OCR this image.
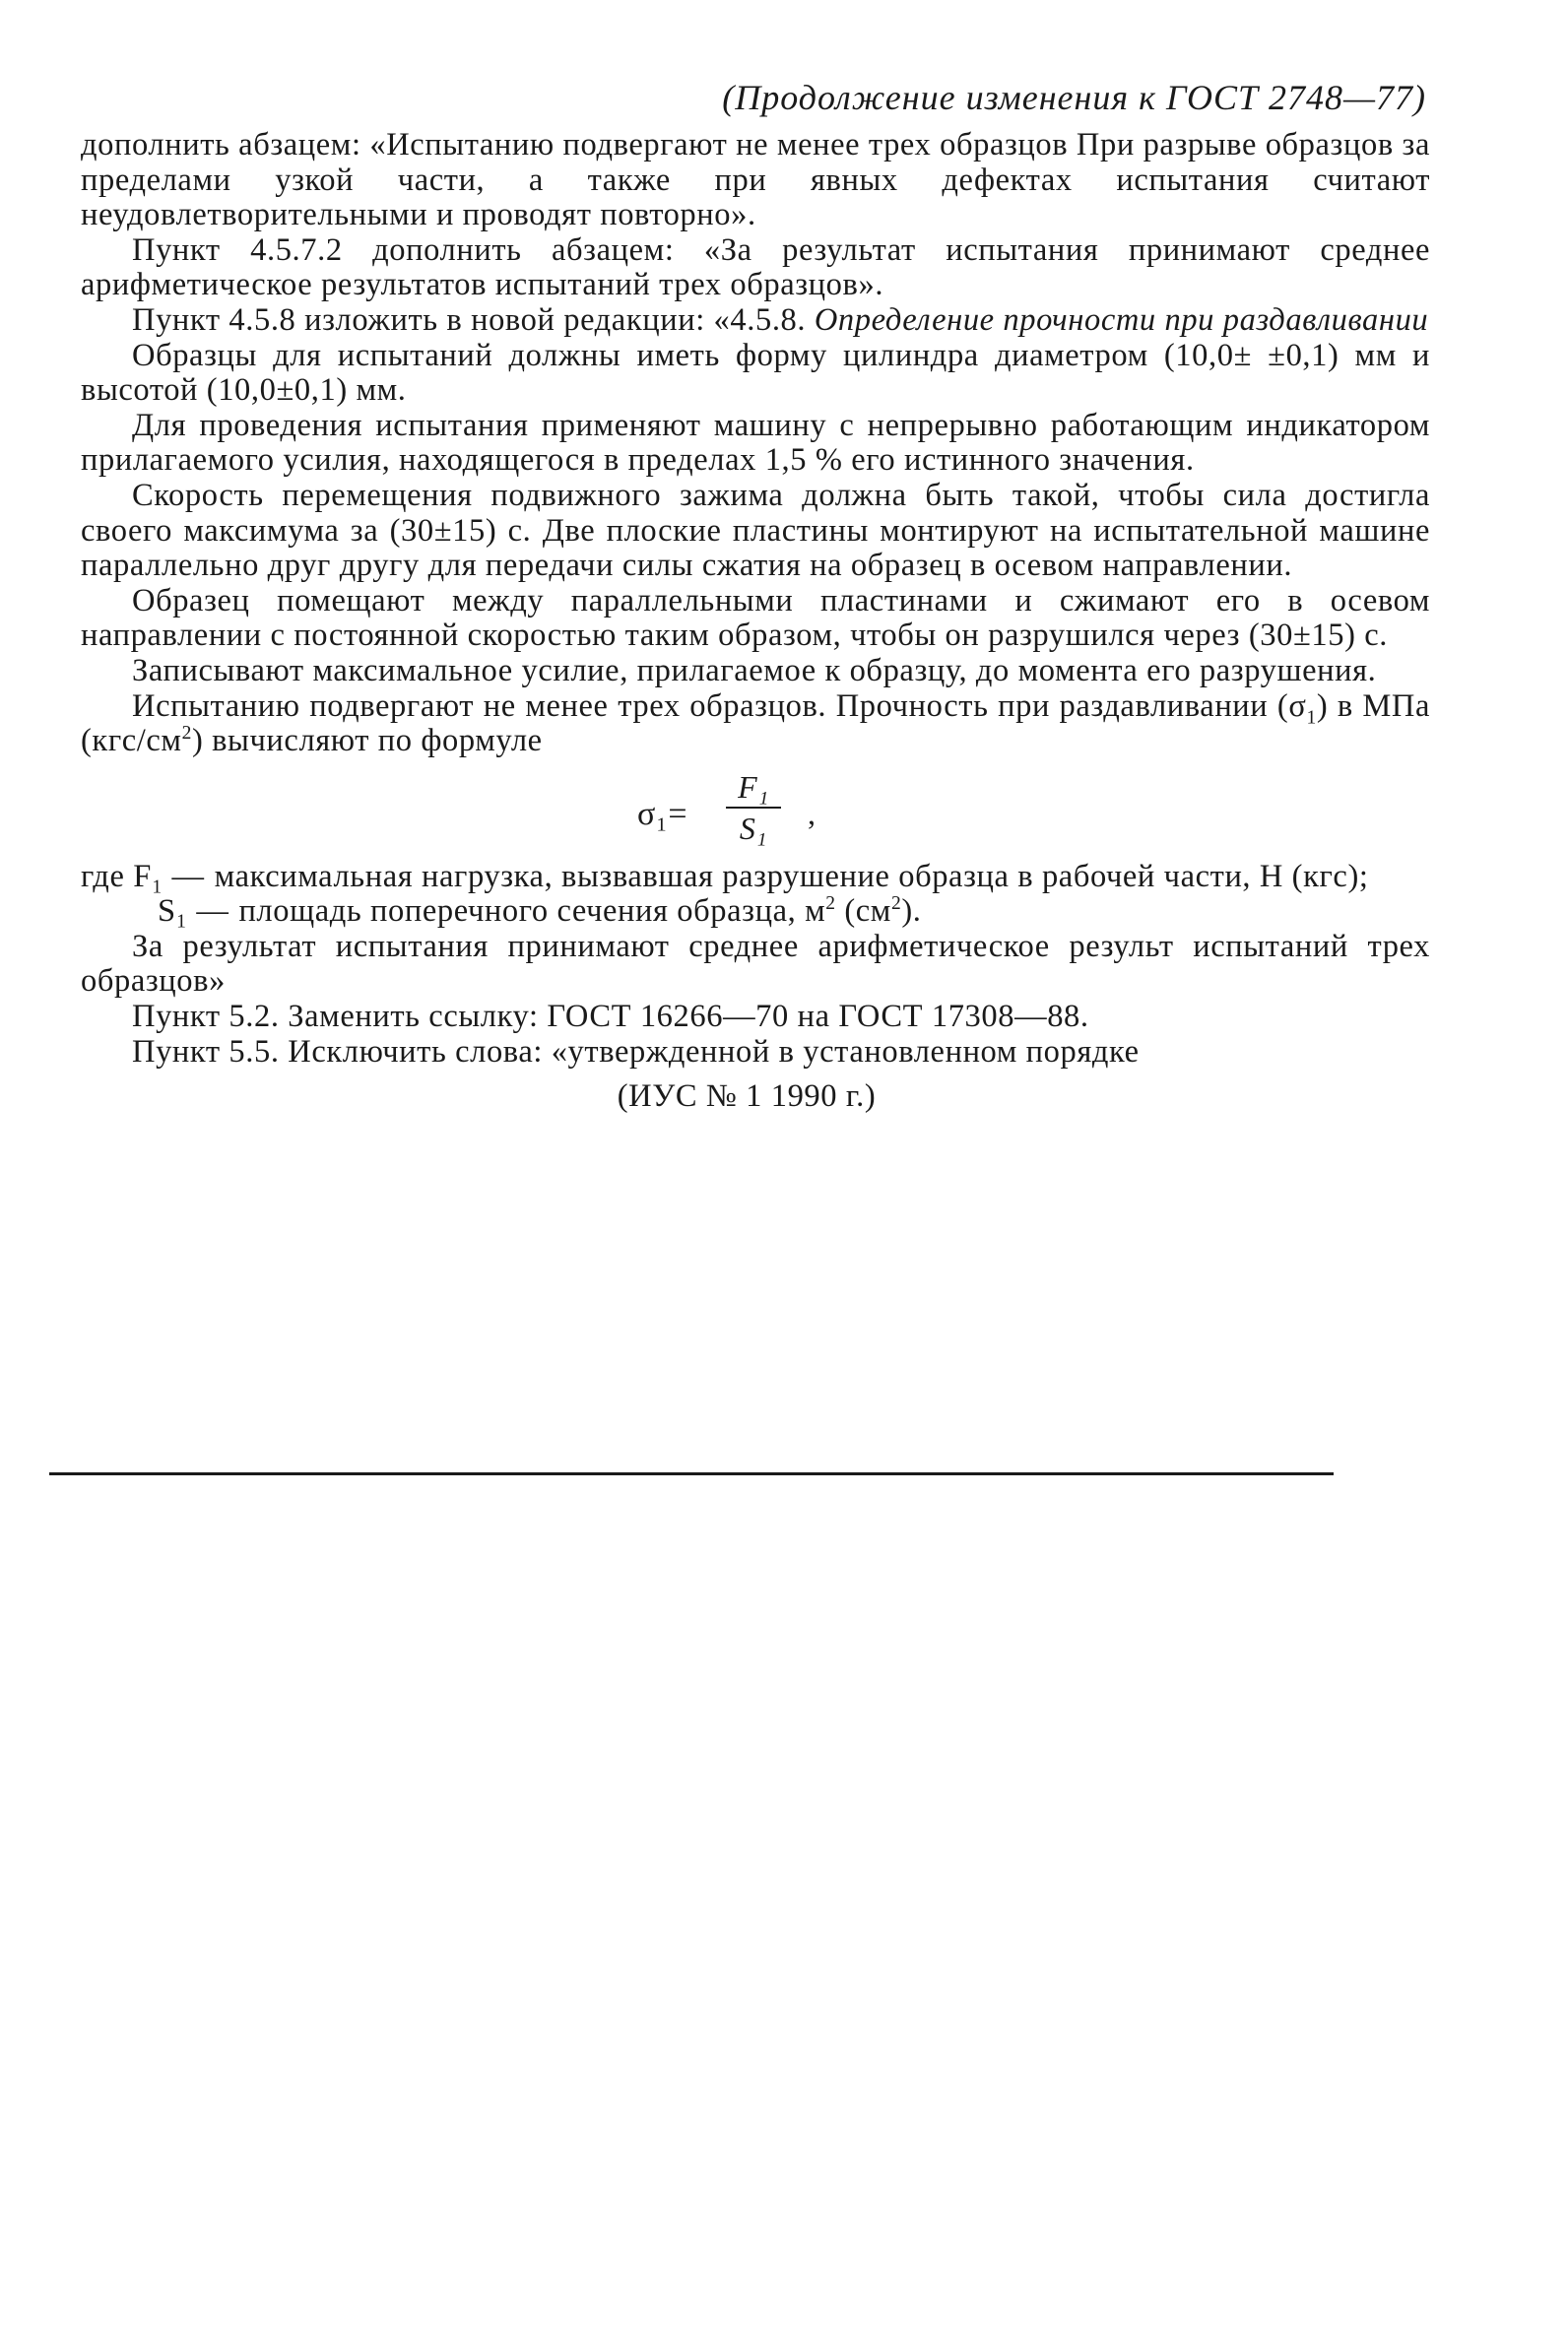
(Продолжение изменения к ГОСТ 2748—77)

дополнить абзацем: «Испытанию подвергают не менее трех образцов При разрыве образцов за пределами узкой части, а также при явных дефектах испытания считают неудовлетворительными и проводят повторно».

Пункт 4.5.7.2 дополнить абзацем: «За результат испытания принимают среднее арифметическое результатов испытаний трех образцов».

Пункт 4.5.8 изложить в новой редакции: «4.5.8. Определение прочности при раздавливании

Образцы для испытаний должны иметь форму цилиндра диаметром (10,0± ±0,1) мм и высотой (10,0±0,1) мм.

Для проведения испытания применяют машину с непрерывно работающим индикатором прилагаемого усилия, находящегося в пределах 1,5 % его истинного значения.

Скорость перемещения подвижного зажима должна быть такой, чтобы сила достигла своего максимума за (30±15) с. Две плоские пластины монтируют на испытательной машине параллельно друг другу для передачи силы сжатия на образец в осевом направлении.

Образец помещают между параллельными пластинами и сжимают его в осевом направлении с постоянной скоростью таким образом, чтобы он разрушился через (30±15) с.

Записывают максимальное усилие, прилагаемое к образцу, до момента его разрушения.

Испытанию подвергают не менее трех образцов. Прочность при раздавливании $(\sigma_1)$ в МПа $(кгс/см^2)$ вычисляют по формуле

σ₁=
F₁
S₁	,

где F₁ — максимальная нагрузка, вызвавшая разрушение образца в рабочей части, Н (кгс);

S₁ — площадь поперечного сечения образца, $м^2$ $(см^2)$.

За результат испытания принимают среднее арифметическое результ испытаний трех образцов»

Пункт 5.2. Заменить ссылку: ГОСТ 16266—70 на ГОСТ 17308—88.

Пункт 5.5. Исключить слова: «утвержденной в установленном порядке

(ИУС № 1 1990 г.)
